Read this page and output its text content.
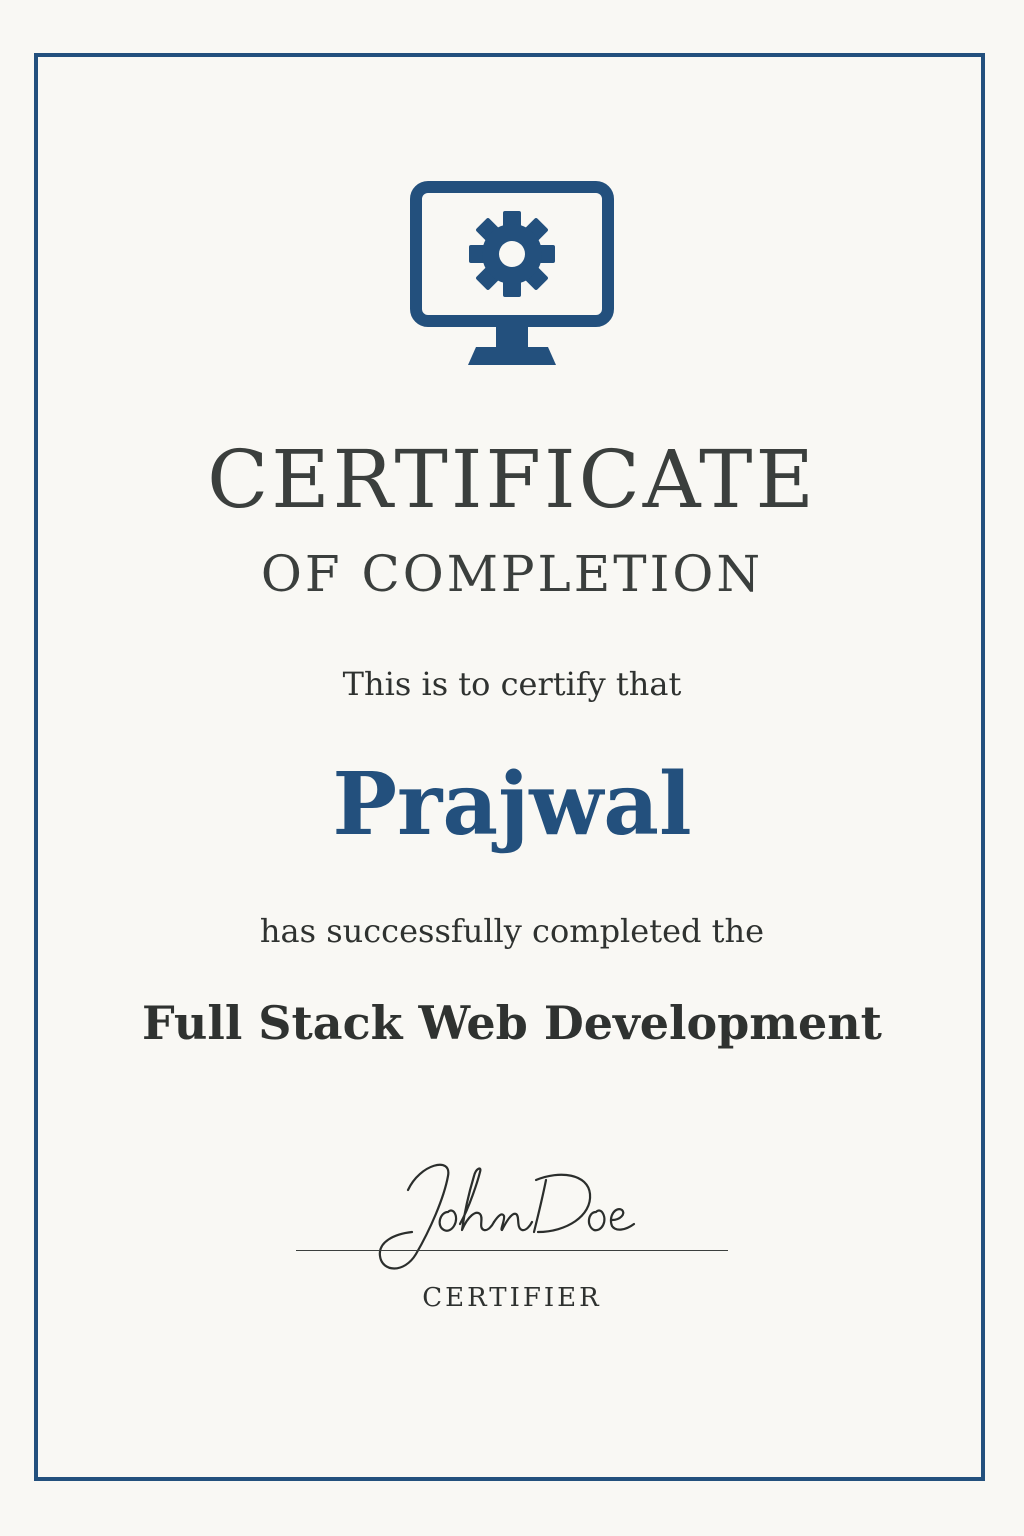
CERTIFICATE
OF COMPLETION
This is to certify that
Prajwal
has successfully completed the
Full Stack Web Development
CERTIFIER
